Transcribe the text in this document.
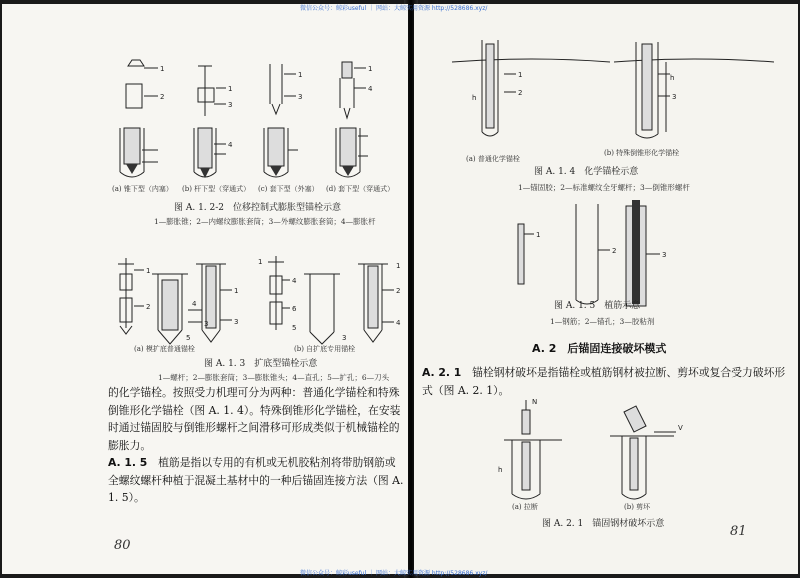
1
2
1
3
4
1
3
1
4
(a) 锥下型（内塞） (b) 杆下型（穿通式） (c) 套下型（外塞） (d) 套下型（穿通式）
图 A. 1. 2-2　位移控制式膨胀型锚栓示意
1—膨胀锥；2—内螺纹膨胀套筒；3—外螺纹膨胀套筒；4—膨胀杆
1
2	4
3
5
1
3
4
1
6
3
5
2
4
1
(a) 模扩底普通锚栓	(b) 自扩底专用锚栓
图 A. 1. 3　扩底型锚栓示意
1—螺杆；2—膨胀套筒；3—膨胀锥头；4—直孔；5—扩孔；6—刀头

的化学锚栓。按照受力机理可分为两种：普通化学锚栓和特殊倒锥形化学锚栓（图 A. 1. 4）。特殊倒锥形化学锚栓，在安装时通过锚固胶与倒锥形螺杆之间滑移可形成类似于机械锚栓的膨胀力。

A. 1. 5　 植筋是指以专用的有机或无机胶粘剂将带肋钢筋或全螺纹螺杆种植于混凝土基材中的一种后锚固连接方法（图 A. 1. 5）。

80
1
2	3
h
h
(a) 普通化学锚栓
(b) 特殊倒锥形化学锚栓
图 A. 1. 4　化学锚栓示意
1—锚固胶；2—标准螺纹全牙螺杆；3—倒锥形螺杆
1
2	3
图 A. 1. 5　植筋示意
1—钢筋；2—锚孔；3—胶粘剂
A. 2　后锚固连接破坏模式

A. 2. 1　 锚栓钢材破坏是指锚栓或植筋钢材被拉断、剪坏或复合受力破坏形式（图 A. 2. 1）。

N
V
h
(a) 拉断	(b) 剪坏
图 A. 2. 1　锚固钢材破坏示意	81
微信公众号：鲸彩useful ｜ 网站：大鲸实用资源 http://528686.xyz/
微信公众号：鲸彩useful ｜ 网站：大鲸实用资源 http://528686.xyz/
